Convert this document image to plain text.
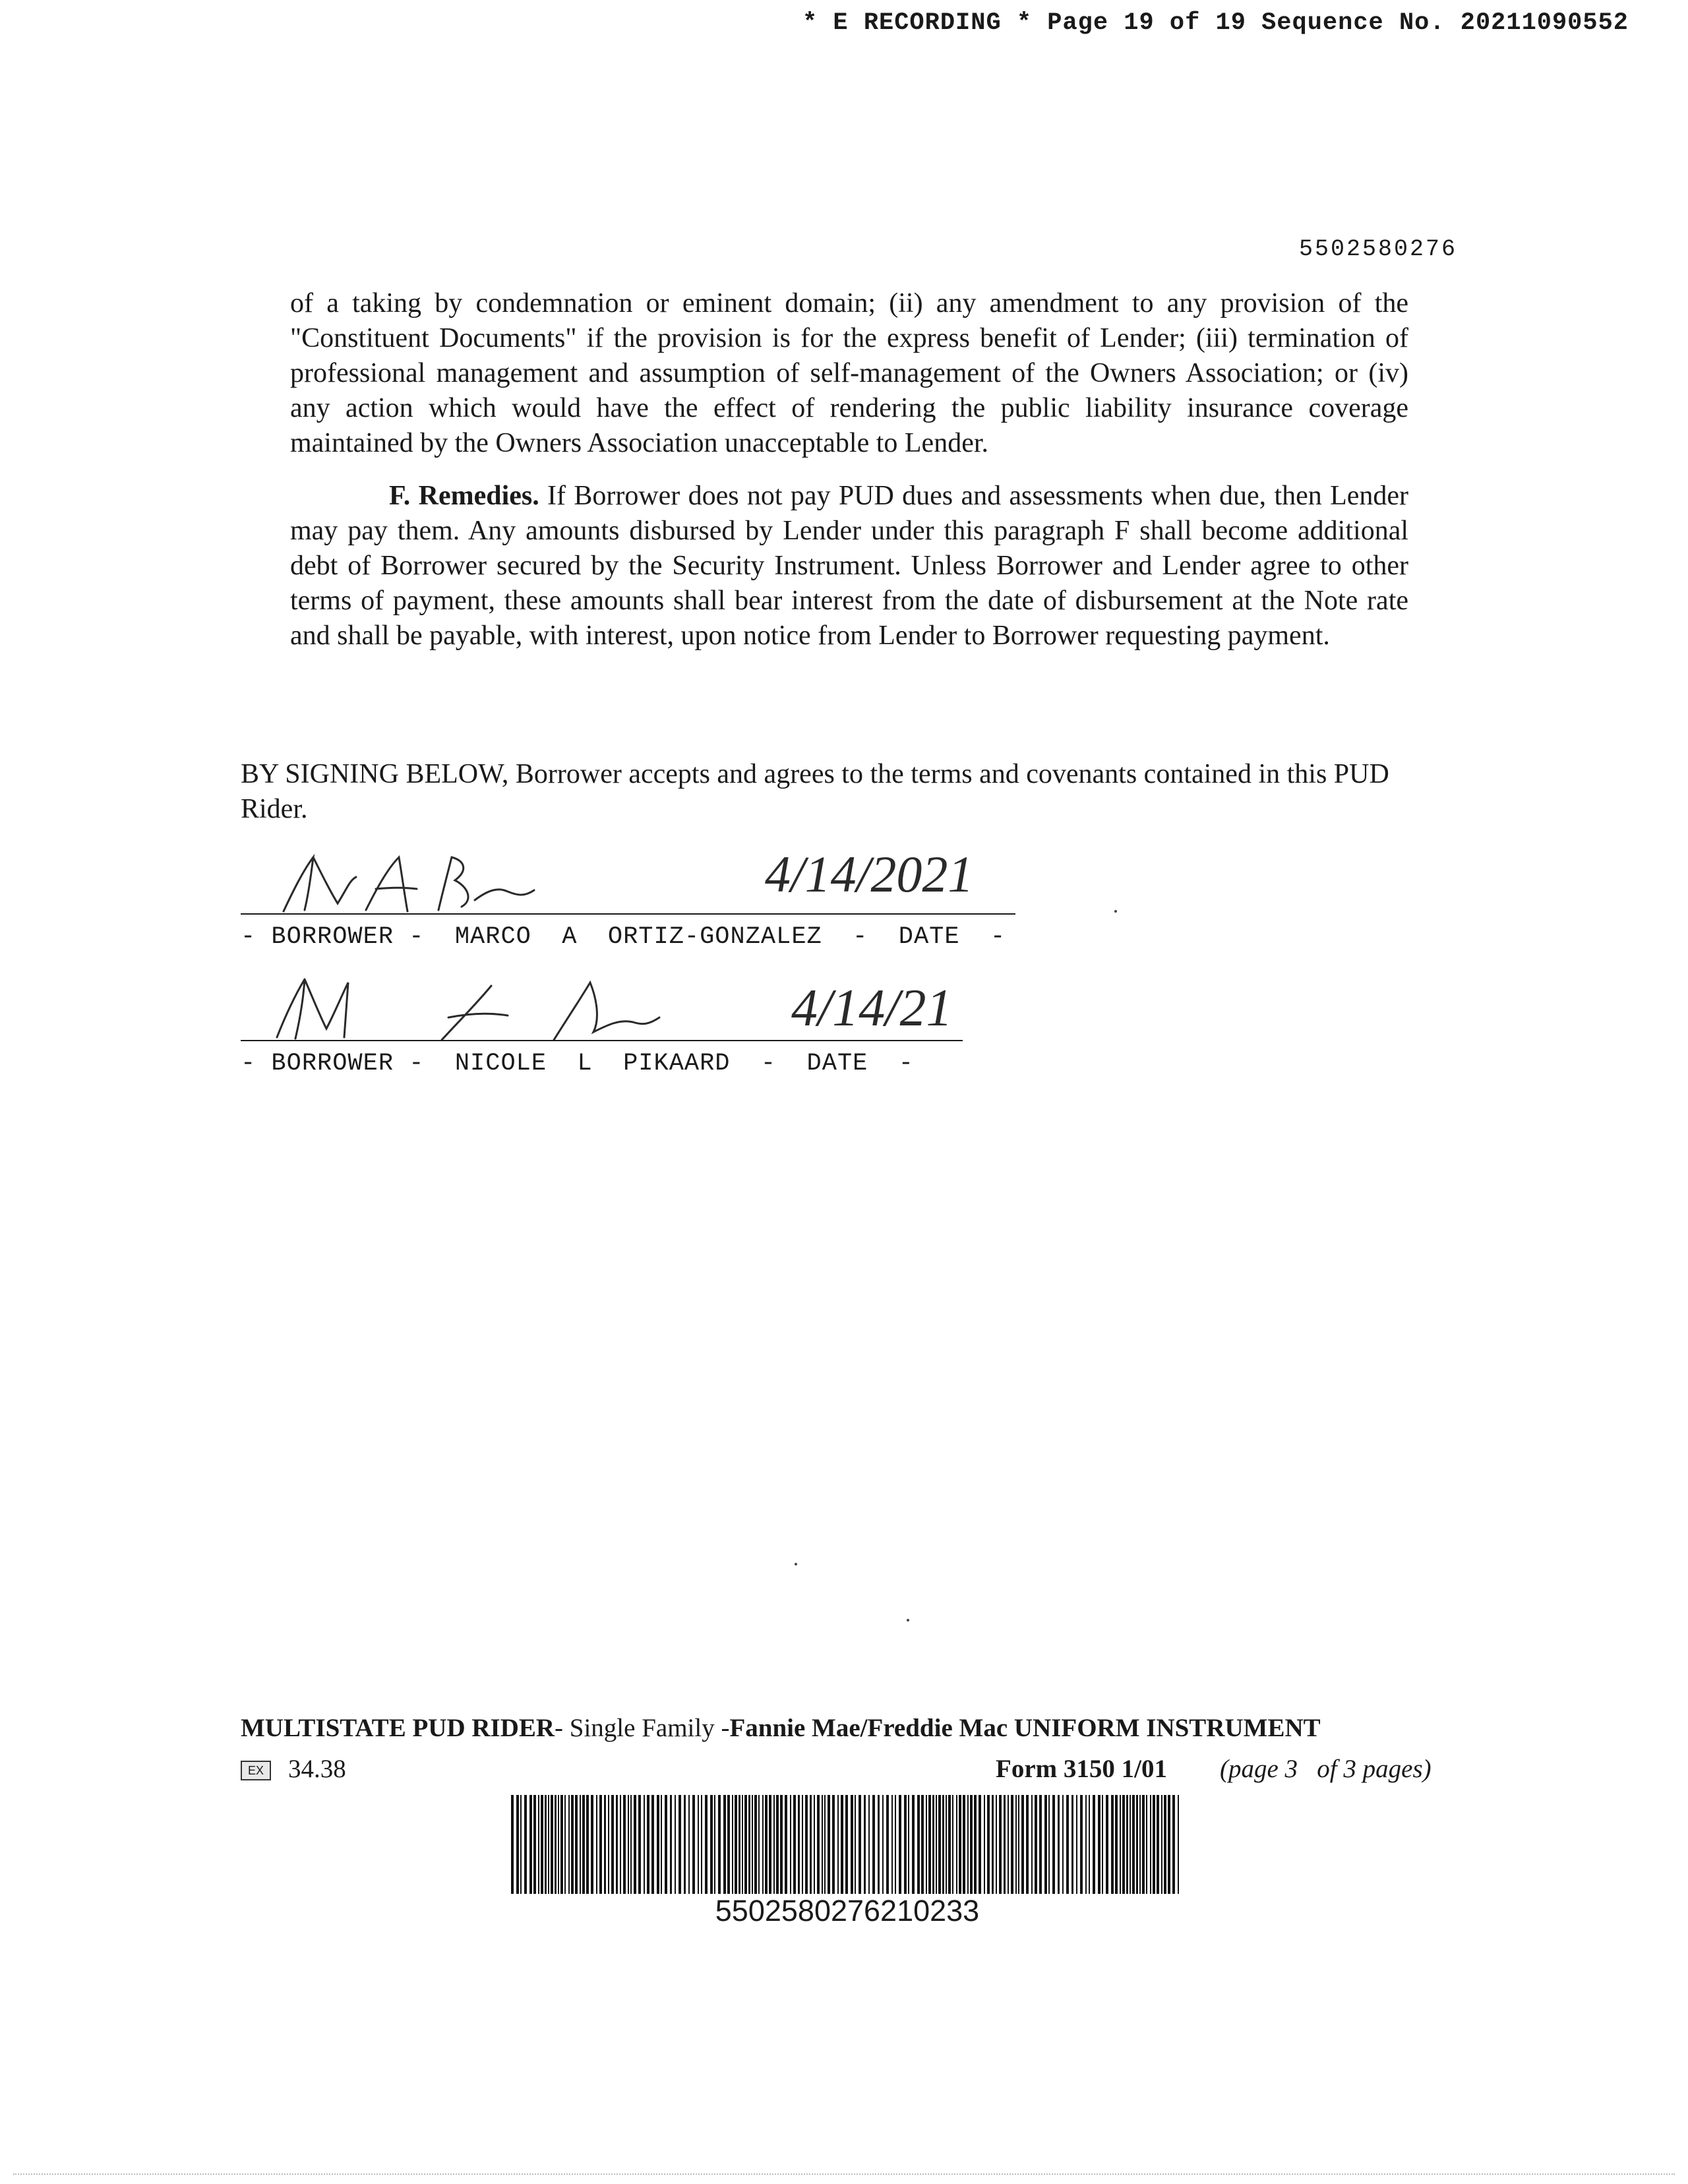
* E RECORDING * Page 19 of 19 Sequence No. 20211090552
5502580276
of a taking by condemnation or eminent domain; (ii) any amendment to any provision of the "Constituent Documents" if the provision is for the express benefit of Lender; (iii) termination of professional management and assumption of self-management of the Owners Association; or (iv) any action which would have the effect of rendering the public liability insurance coverage maintained by the Owners Association unacceptable to Lender.
F. Remedies. If Borrower does not pay PUD dues and assessments when due, then Lender may pay them. Any amounts disbursed by Lender under this paragraph F shall become additional debt of Borrower secured by the Security Instrument. Unless Borrower and Lender agree to other terms of payment, these amounts shall bear interest from the date of disbursement at the Note rate and shall be payable, with interest, upon notice from Lender to Borrower requesting payment.
BY SIGNING BELOW, Borrower accepts and agrees to the terms and covenants contained in this PUD Rider.
4/14/2021
- BORROWER -  MARCO  A  ORTIZ-GONZALEZ  -  DATE  -
4/14/21
- BORROWER -  NICOLE  L  PIKAARD  -  DATE  -
MULTISTATE PUD RIDER- Single Family -Fannie Mae/Freddie Mac UNIFORM INSTRUMENT
EX 34.38	Form 3150 1/01 (page 3   of 3 pages)
5502580276210233
